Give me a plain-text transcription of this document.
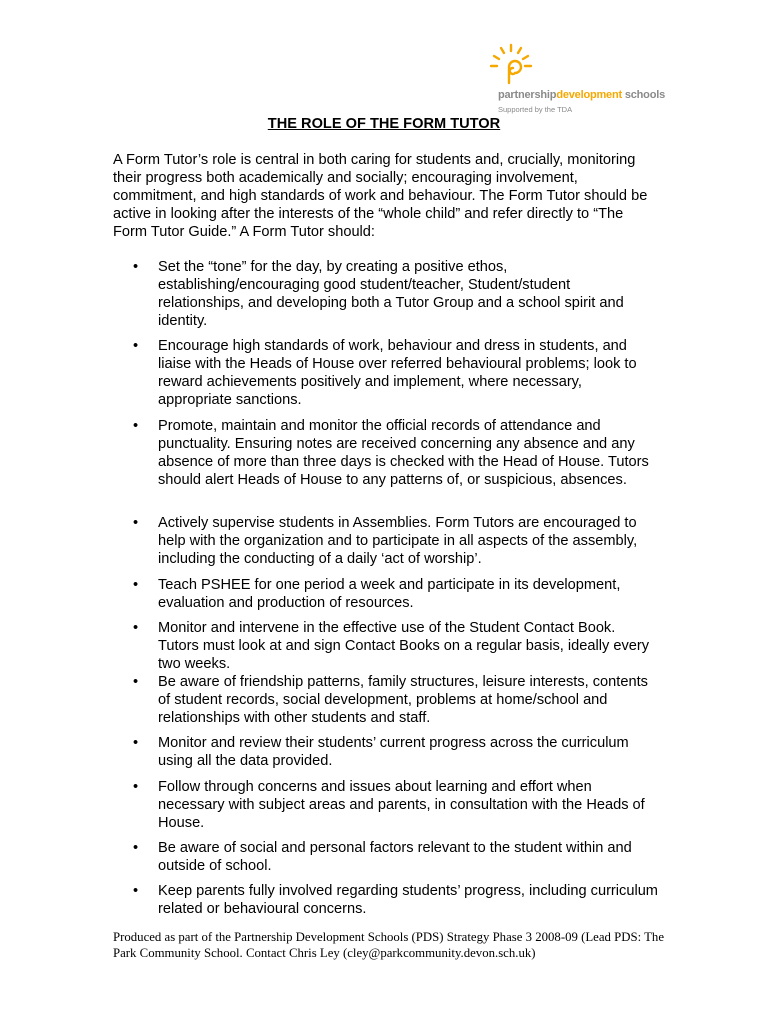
partnershipdevelopment schools
Supported by the TDA
THE ROLE OF THE FORM TUTOR

A Form Tutor’s role is central in both caring for students and, crucially, monitoring their progress both academically and socially; encouraging involvement, commitment, and high standards of work and behaviour. The Form Tutor should be active in looking after the interests of the “whole child” and refer directly to “The Form Tutor Guide.” A Form Tutor should:

• Set the “tone” for the day, by creating a positive ethos, establishing/encouraging good student/teacher, Student/student relationships, and developing both a Tutor Group and a school spirit and identity.
• Encourage high standards of work, behaviour and dress in students, and liaise with the Heads of House over referred behavioural problems; look to reward achievements positively and implement, where necessary, appropriate sanctions.
• Promote, maintain and monitor the official records of attendance and punctuality. Ensuring notes are received concerning any absence and any absence of more than three days is checked with the Head of House. Tutors should alert Heads of House to any patterns of, or suspicious, absences.
• Actively supervise students in Assemblies. Form Tutors are encouraged to help with the organization and to participate in all aspects of the assembly, including the conducting of a daily ‘act of worship’.
• Teach PSHEE for one period a week and participate in its development, evaluation and production of resources.
• Monitor and intervene in the effective use of the Student Contact Book. Tutors must look at and sign Contact Books on a regular basis, ideally every two weeks.
• Be aware of friendship patterns, family structures, leisure interests, contents of student records, social development, problems at home/school and relationships with other students and staff.
• Monitor and review their students’ current progress across the curriculum using all the data provided.
• Follow through concerns and issues about learning and effort when necessary with subject areas and parents, in consultation with the Heads of House.
• Be aware of social and personal factors relevant to the student within and outside of school.
• Keep parents fully involved regarding students’ progress, including curriculum related or behavioural concerns.

Produced as part of the Partnership Development Schools (PDS) Strategy Phase 3 2008-09 (Lead PDS: The Park Community School. Contact Chris Ley (cley@parkcommunity.devon.sch.uk)
